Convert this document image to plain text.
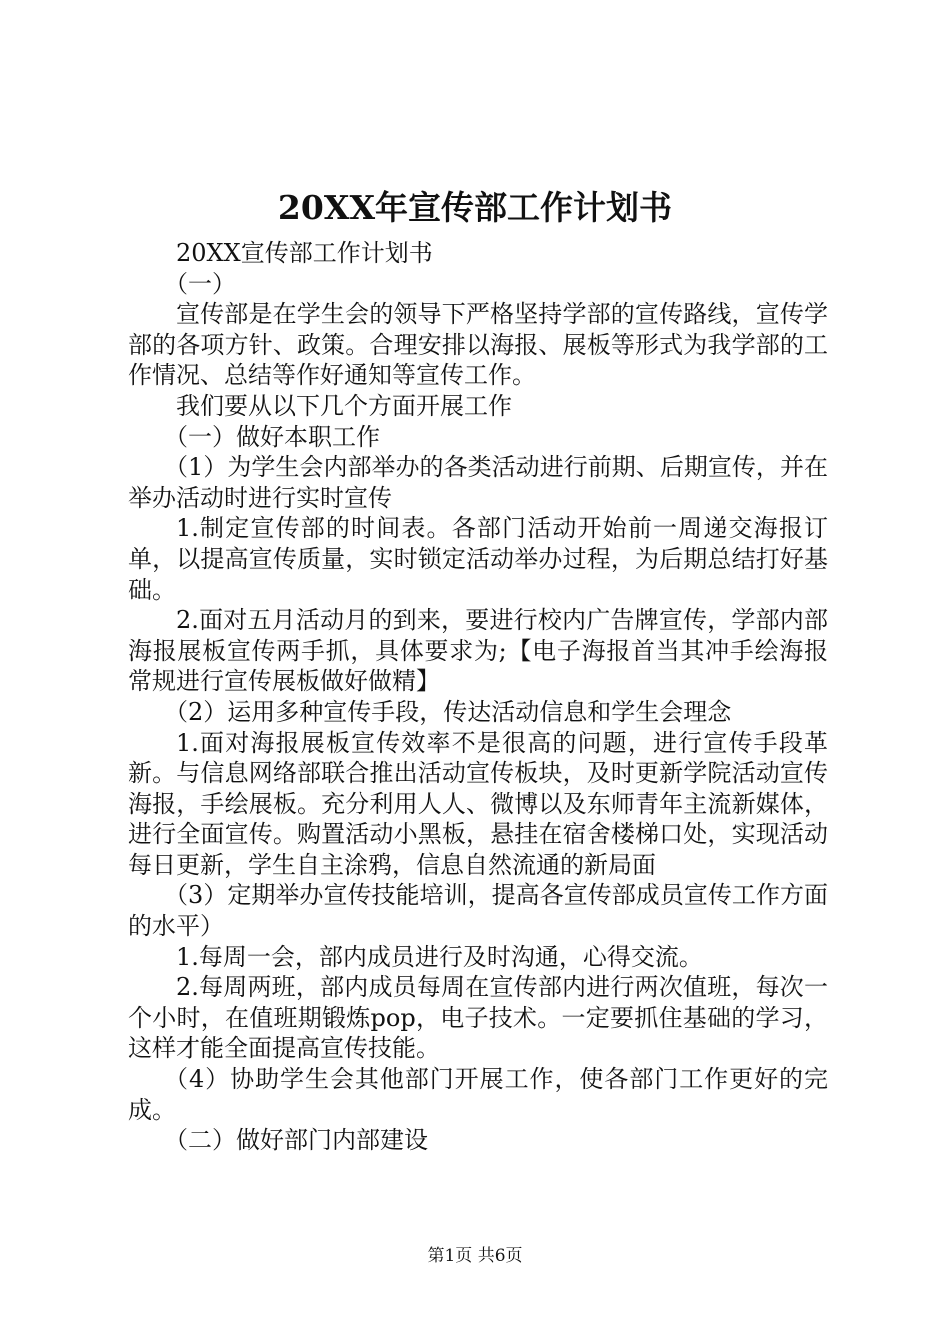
20XX年宣传部工作计划书

20XX宣传部工作计划书

（一）

宣传部是在学生会的领导下严格坚持学部的宣传路线，宣传学部的各项方针、政策。合理安排以海报、展板等形式为我学部的工作情况、总结等作好通知等宣传工作。

我们要从以下几个方面开展工作

（一）做好本职工作

（1）为学生会内部举办的各类活动进行前期、后期宣传，并在举办活动时进行实时宣传

1.制定宣传部的时间表。各部门活动开始前一周递交海报订单，以提高宣传质量，实时锁定活动举办过程，为后期总结打好基础。

2.面对五月活动月的到来，要进行校内广告牌宣传，学部内部海报展板宣传两手抓，具体要求为;【电子海报首当其冲手绘海报常规进行宣传展板做好做精】

（2）运用多种宣传手段，传达活动信息和学生会理念

1.面对海报展板宣传效率不是很高的问题，进行宣传手段革新。与信息网络部联合推出活动宣传板块，及时更新学院活动宣传海报，手绘展板。充分利用人人、微博以及东师青年主流新媒体，进行全面宣传。购置活动小黑板，悬挂在宿舍楼梯口处，实现活动每日更新，学生自主涂鸦，信息自然流通的新局面

（3）定期举办宣传技能培训，提高各宣传部成员宣传工作方面的水平）

1.每周一会，部内成员进行及时沟通，心得交流。

2.每周两班，部内成员每周在宣传部内进行两次值班，每次一个小时，在值班期锻炼pop，电子技术。一定要抓住基础的学习，这样才能全面提高宣传技能。

（4）协助学生会其他部门开展工作，使各部门工作更好的完成。

（二）做好部门内部建设

第1页 共6页
